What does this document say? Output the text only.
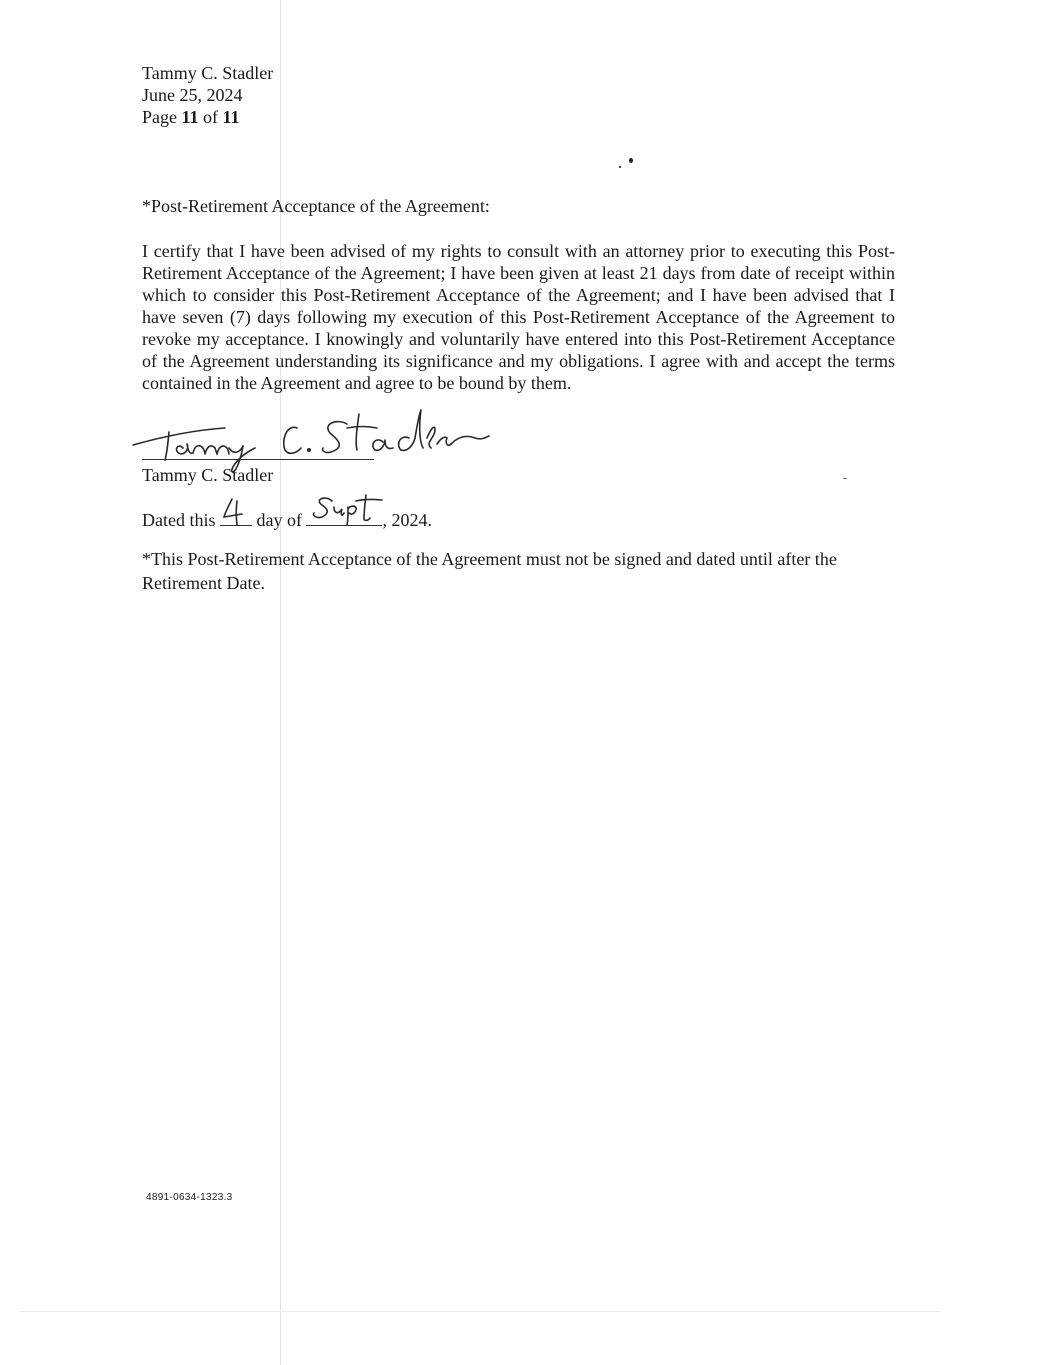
Tammy C. Stadler
June 25, 2024
Page 11 of 11
*Post-Retirement Acceptance of the Agreement:
I certify that I have been advised of my rights to consult with an attorney prior to executing this Post-Retirement Acceptance of the Agreement; I have been given at least 21 days from date of receipt within which to consider this Post-Retirement Acceptance of the Agreement; and I have been advised that I have seven (7) days following my execution of this Post-Retirement Acceptance of the Agreement to revoke my acceptance. I knowingly and voluntarily have entered into this Post-Retirement Acceptance of the Agreement understanding its significance and my obligations. I agree with and accept the terms contained in the Agreement and agree to be bound by them.
Tammy C. Stadler
Dated this day of	, 2024.
*This Post-Retirement Acceptance of the Agreement must not be signed and dated until after the Retirement Date.
4891-0634-1323.3
